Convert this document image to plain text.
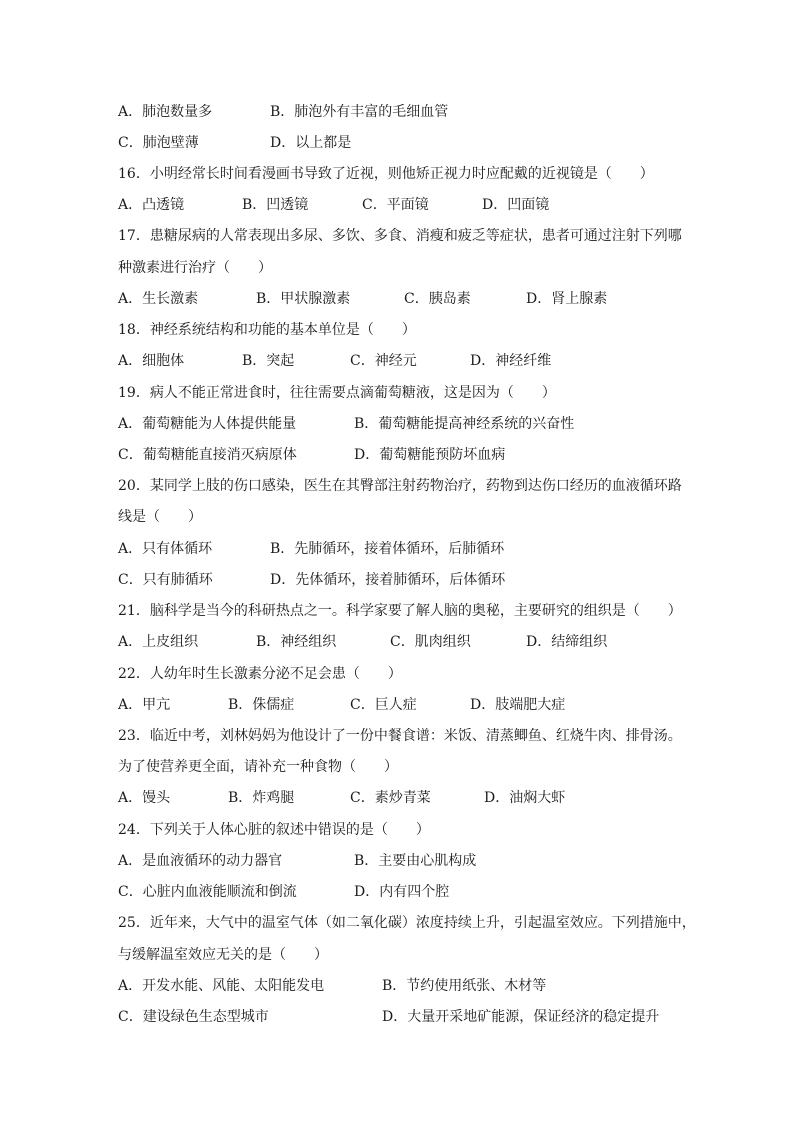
A．肺泡数量多	B．肺泡外有丰富的毛细血管
C．肺泡壁薄	D．以上都是
16．小明经常长时间看漫画书导致了近视，则他矫正视力时应配戴的近视镜是（　　）
A．凸透镜	B．凹透镜	C．平面镜	D．凹面镜
17．患糖尿病的人常表现出多尿、多饮、多食、消瘦和疲乏等症状，患者可通过注射下列哪
种激素进行治疗（　　）
A．生长激素	B．甲状腺激素	C．胰岛素	D．肾上腺素
18．神经系统结构和功能的基本单位是（　　）
A．细胞体	B．突起	C．神经元	D．神经纤维
19．病人不能正常进食时，往往需要点滴葡萄糖液，这是因为（　　）
A．葡萄糖能为人体提供能量	B．葡萄糖能提高神经系统的兴奋性
C．葡萄糖能直接消灭病原体	D．葡萄糖能预防坏血病
20．某同学上肢的伤口感染，医生在其臀部注射药物治疗，药物到达伤口经历的血液循环路
线是（　　）
A．只有体循环	B．先肺循环，接着体循环，后肺循环
C．只有肺循环	D．先体循环，接着肺循环，后体循环
21．脑科学是当今的科研热点之一。科学家要了解人脑的奥秘，主要研究的组织是（　　）
A．上皮组织	B．神经组织	C．肌肉组织	D．结缔组织
22．人幼年时生长激素分泌不足会患（　　）
A．甲亢	B．侏儒症	C．巨人症	D．肢端肥大症
23．临近中考，刘林妈妈为他设计了一份中餐食谱：米饭、清蒸鲫鱼、红烧牛肉、排骨汤。
为了使营养更全面，请补充一种食物（　　）
A．馒头	B．炸鸡腿	C．素炒青菜	D．油焖大虾
24．下列关于人体心脏的叙述中错误的是（　　）
A．是血液循环的动力器官	B．主要由心肌构成
C．心脏内血液能顺流和倒流	D．内有四个腔
25．近年来，大气中的温室气体（如二氧化碳）浓度持续上升，引起温室效应。下列措施中，
与缓解温室效应无关的是（　　）
A．开发水能、风能、太阳能发电	B．节约使用纸张、木材等
C．建设绿色生态型城市	D．大量开采地矿能源，保证经济的稳定提升
